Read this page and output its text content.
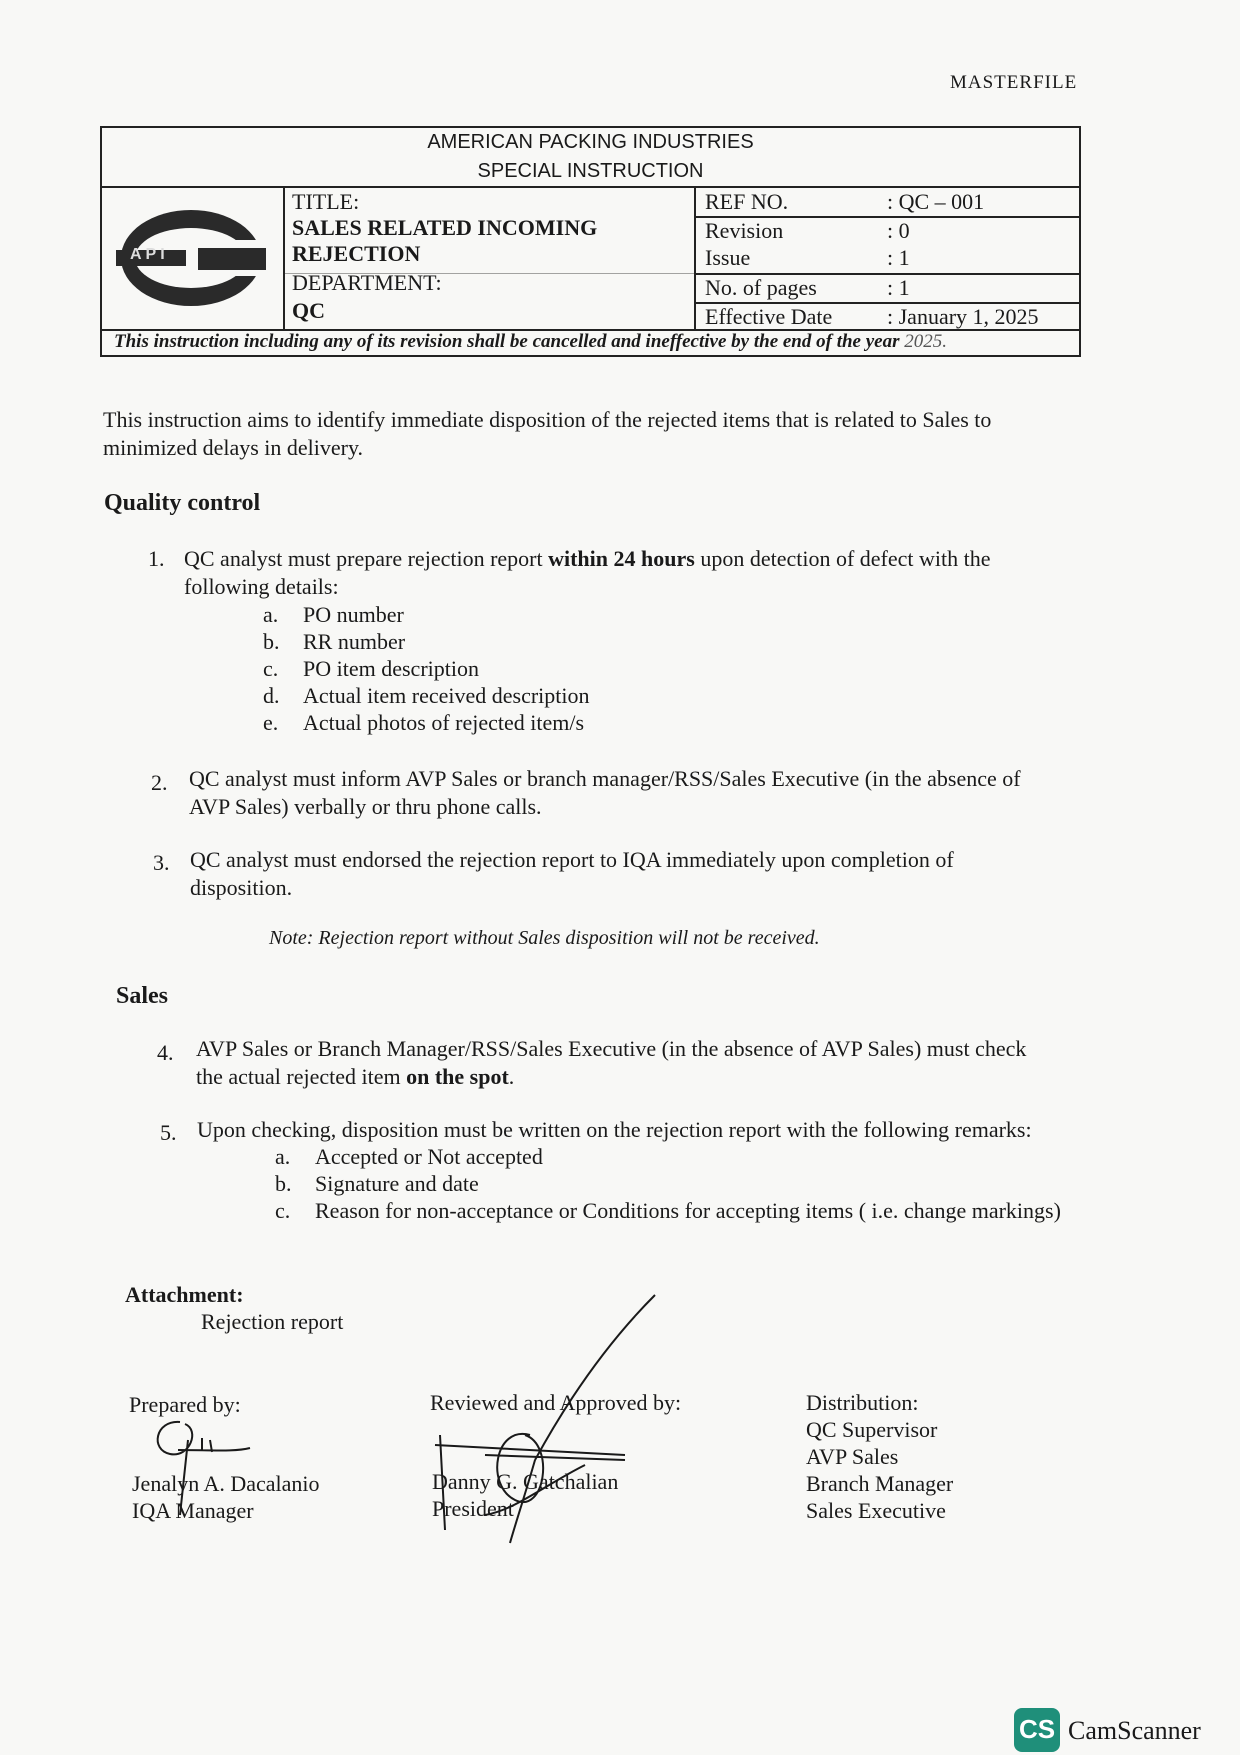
MASTERFILE
AMERICAN PACKING INDUSTRIES
SPECIAL INSTRUCTION
API
TITLE:
SALES RELATED INCOMING
REJECTION
DEPARTMENT:
QC
REF NO.	: QC – 001
Revision	: 0
Issue	: 1
No. of pages	: 1
Effective Date : January 1, 2025
This instruction including any of its revision shall be cancelled and ineffective by the end of the year 2025.
This instruction aims to identify immediate disposition of the rejected items that is related to Sales to
minimized delays in delivery.
Quality control
1. QC analyst must prepare rejection report within 24 hours upon detection of defect with the
following details:
a. PO number
b. RR number
c. PO item description
d. Actual item received description
e. Actual photos of rejected item/s
2. QC analyst must inform AVP Sales or branch manager/RSS/Sales Executive (in the absence of
AVP Sales) verbally or thru phone calls.
3. QC analyst must endorsed the rejection report to IQA immediately upon completion of
disposition.
Note: Rejection report without Sales disposition will not be received.
Sales
4. AVP Sales or Branch Manager/RSS/Sales Executive (in the absence of AVP Sales) must check
the actual rejected item on the spot.
5. Upon checking, disposition must be written on the rejection report with the following remarks:
a. Accepted or Not accepted
b. Signature and date
c. Reason for non-acceptance or Conditions for accepting items ( i.e. change markings)
Attachment:
Rejection report
Prepared by:
Jenalyn A. Dacalanio
IQA Manager
Reviewed and Approved by:
Danny G. Gatchalian
President
Distribution:
QC Supervisor
AVP Sales
Branch Manager
Sales Executive
CS CamScanner
